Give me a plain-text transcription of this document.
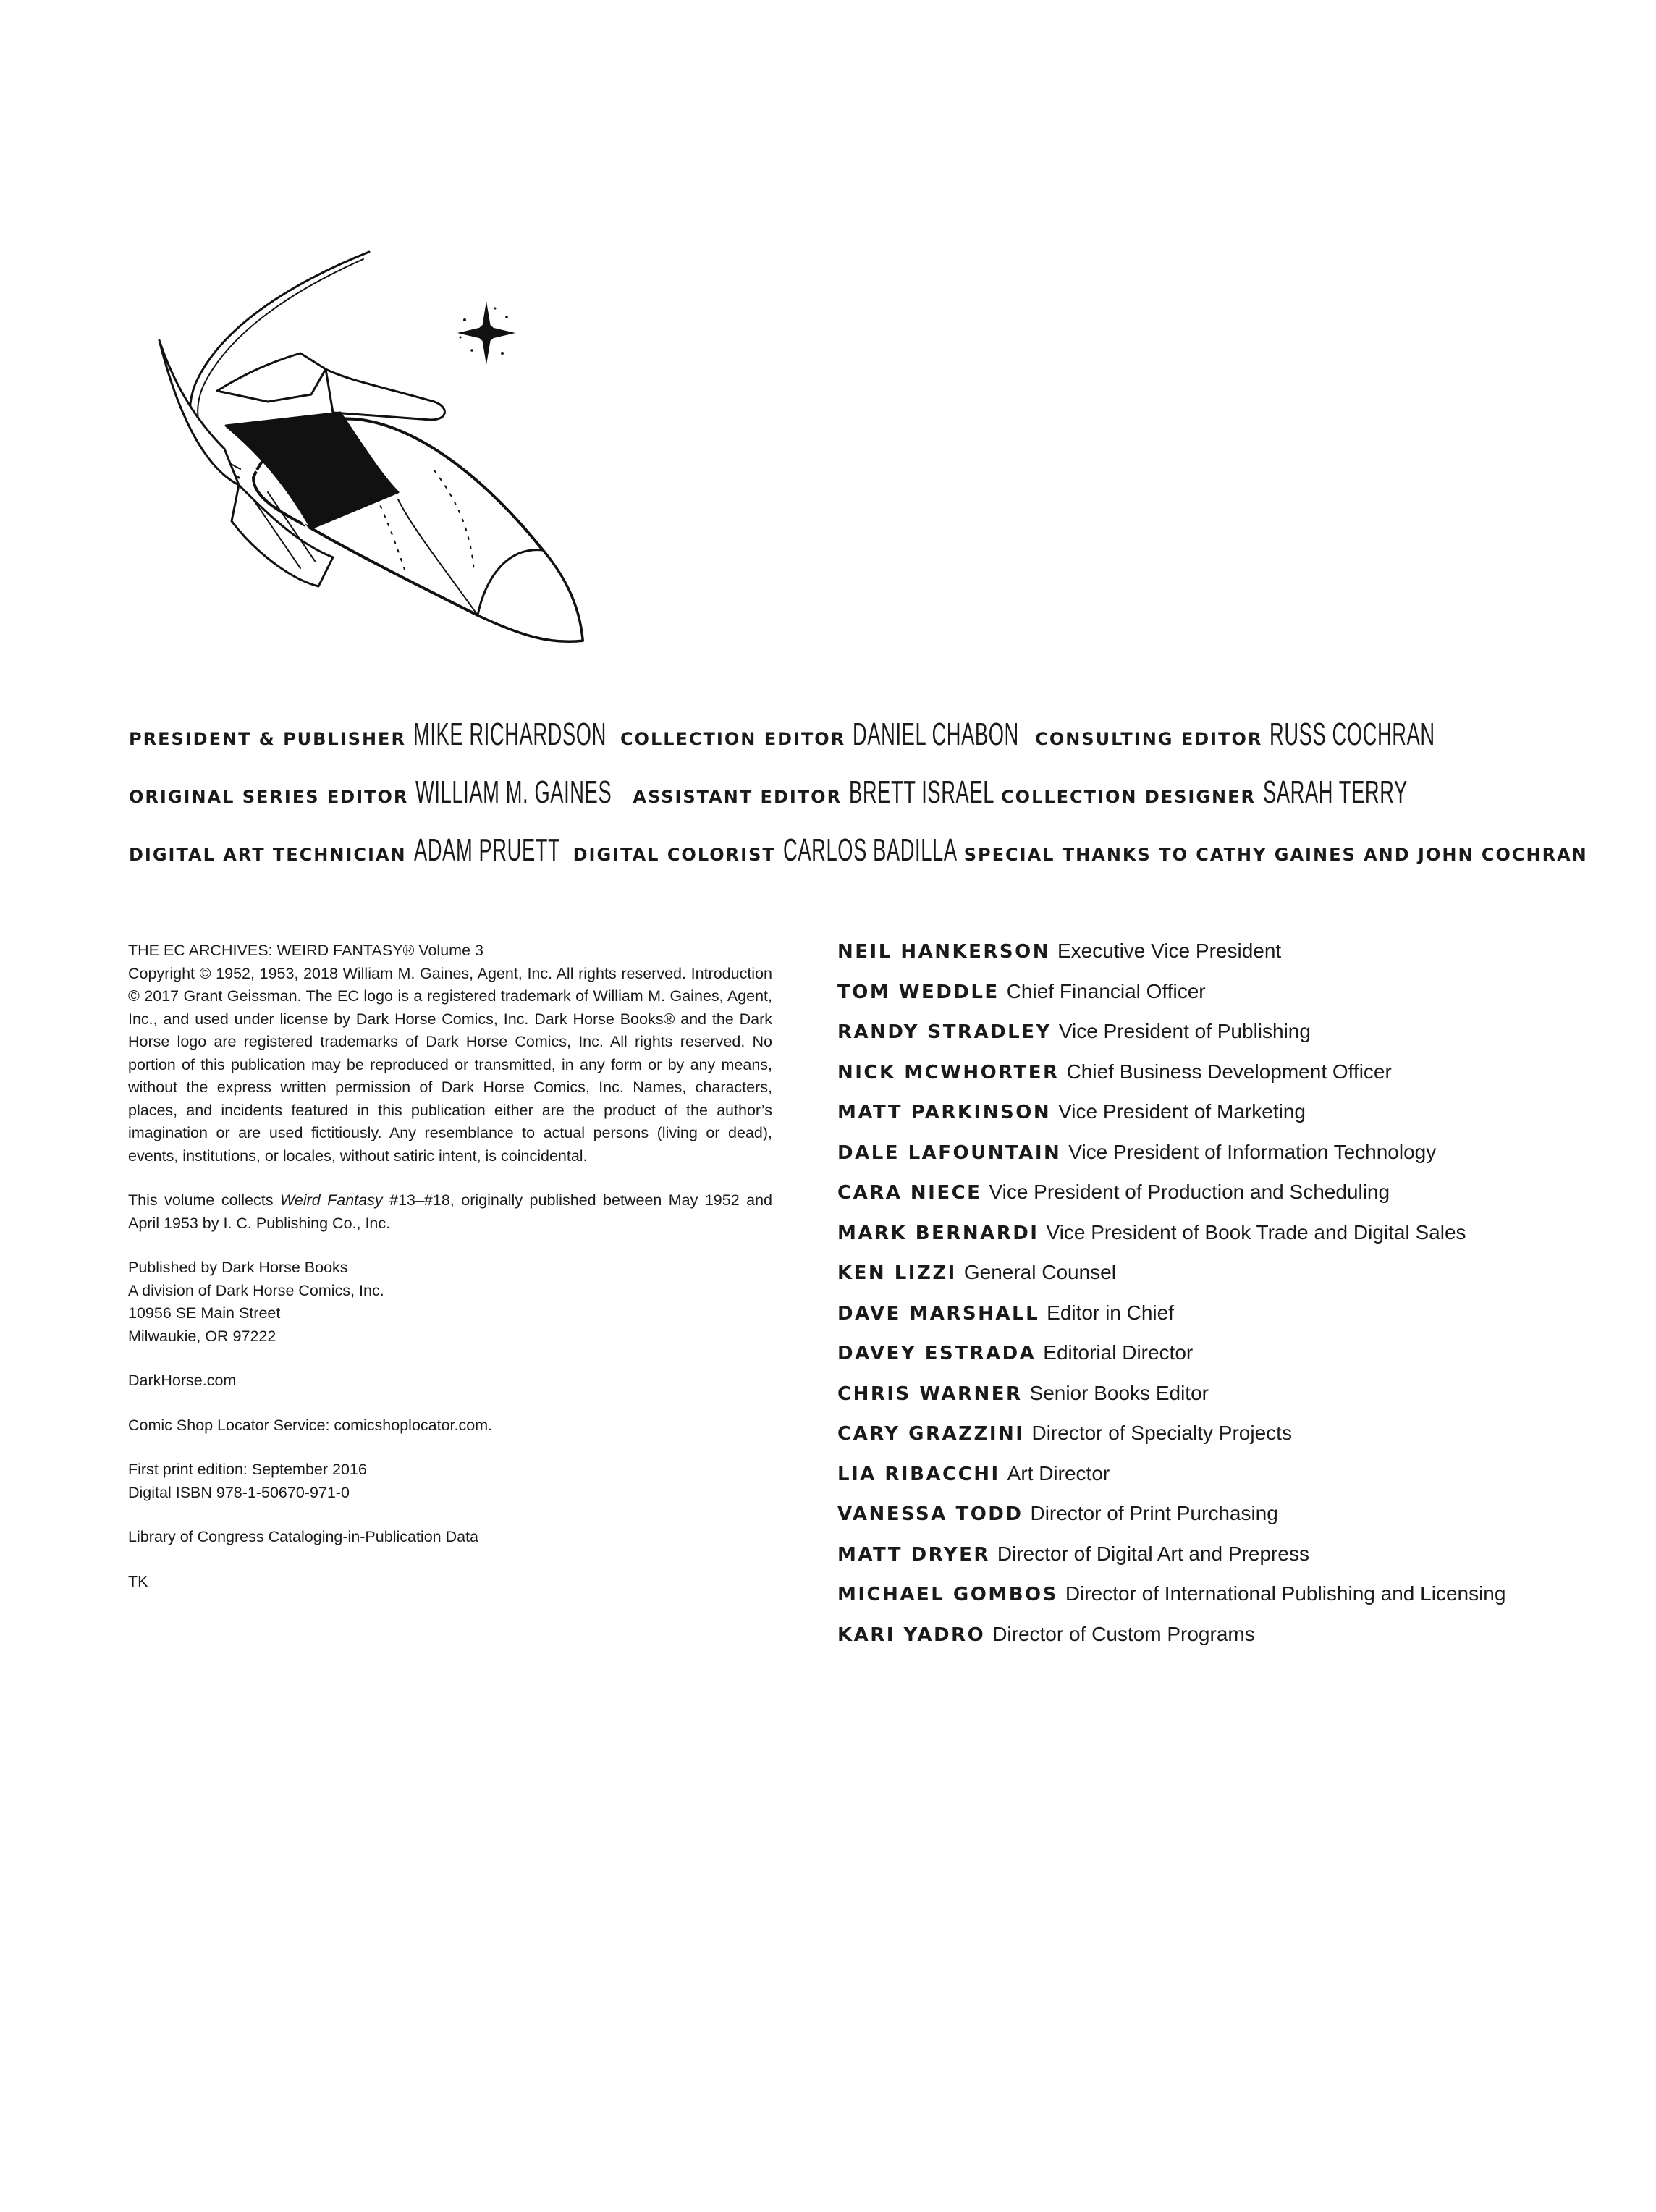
PRESIDENT & PUBLISHER MIKE RICHARDSON COLLECTION EDITOR DANIEL CHABON CONSULTING EDITOR RUSS COCHRAN
ORIGINAL SERIES EDITOR WILLIAM M. GAINES ASSISTANT EDITOR BRETT ISRAEL COLLECTION DESIGNER SARAH TERRY
DIGITAL ART TECHNICIAN ADAM PRUETT DIGITAL COLORIST CARLOS BADILLA SPECIAL THANKS TO CATHY GAINES AND JOHN COCHRAN

THE EC ARCHIVES: WEIRD FANTASY® Volume 3

Copyright © 1952, 1953, 2018 William M. Gaines, Agent, Inc. All rights reserved. Introduction © 2017 Grant Geissman. The EC logo is a registered trademark of William M. Gaines, Agent, Inc., and used under license by Dark Horse Comics, Inc. Dark Horse Books® and the Dark Horse logo are registered trademarks of Dark Horse Comics, Inc. All rights reserved. No portion of this publication may be reproduced or transmitted, in any form or by any means, without the express written permission of Dark Horse Comics, Inc. Names, characters, places, and incidents featured in this publication either are the product of the author’s imagination or are used fictitiously. Any resemblance to actual persons (living or dead), events, institutions, or locales, without satiric intent, is coincidental.

This volume collects Weird Fantasy #13–#18, originally published between May 1952 and April 1953 by I. C. Publishing Co., Inc.

Published by Dark Horse Books
A division of Dark Horse Comics, Inc.
10956 SE Main Street
Milwaukie, OR 97222

DarkHorse.com

Comic Shop Locator Service: comicshoplocator.com.

First print edition: September 2016
Digital ISBN 978-1-50670-971-0

Library of Congress Cataloging-in-Publication Data

TK

NEIL HANKERSON Executive Vice President
TOM WEDDLE Chief Financial Officer
RANDY STRADLEY Vice President of Publishing
NICK MCWHORTER Chief Business Development Officer
MATT PARKINSON Vice President of Marketing
DALE LAFOUNTAIN Vice President of Information Technology
CARA NIECE Vice President of Production and Scheduling
MARK BERNARDI Vice President of Book Trade and Digital Sales
KEN LIZZI General Counsel
DAVE MARSHALL Editor in Chief
DAVEY ESTRADA Editorial Director
CHRIS WARNER Senior Books Editor
CARY GRAZZINI Director of Specialty Projects
LIA RIBACCHI Art Director
VANESSA TODD Director of Print Purchasing
MATT DRYER Director of Digital Art and Prepress
MICHAEL GOMBOS Director of International Publishing and Licensing
KARI YADRO Director of Custom Programs
